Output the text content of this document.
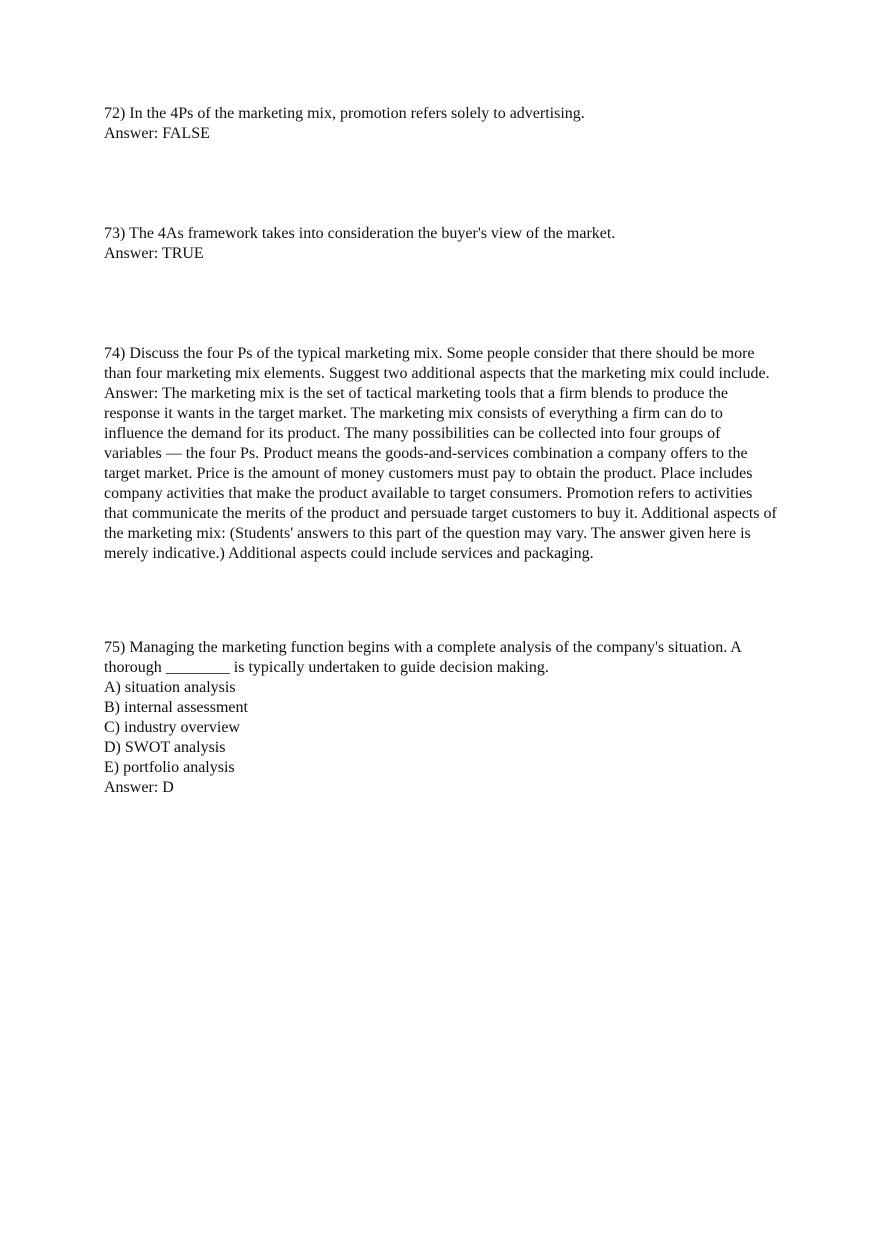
72) In the 4Ps of the marketing mix, promotion refers solely to advertising.

Answer: FALSE

73) The 4As framework takes into consideration the buyer's view of the market.

Answer: TRUE

74) Discuss the four Ps of the typical marketing mix. Some people consider that there should be more than four marketing mix elements. Suggest two additional aspects that the marketing mix could include.

Answer: The marketing mix is the set of tactical marketing tools that a firm blends to produce the response it wants in the target market. The marketing mix consists of everything a firm can do to influence the demand for its product. The many possibilities can be collected into four groups of variables — the four Ps. Product means the goods-and-services combination a company offers to the target market. Price is the amount of money customers must pay to obtain the product. Place includes company activities that make the product available to target consumers. Promotion refers to activities that communicate the merits of the product and persuade target customers to buy it. Additional aspects of the marketing mix: (Students' answers to this part of the question may vary. The answer given here is merely indicative.) Additional aspects could include services and packaging.

75) Managing the marketing function begins with a complete analysis of the company's situation. A thorough ________ is typically undertaken to guide decision making.

A) situation analysis
B) internal assessment
C) industry overview
D) SWOT analysis
E) portfolio analysis

Answer: D
